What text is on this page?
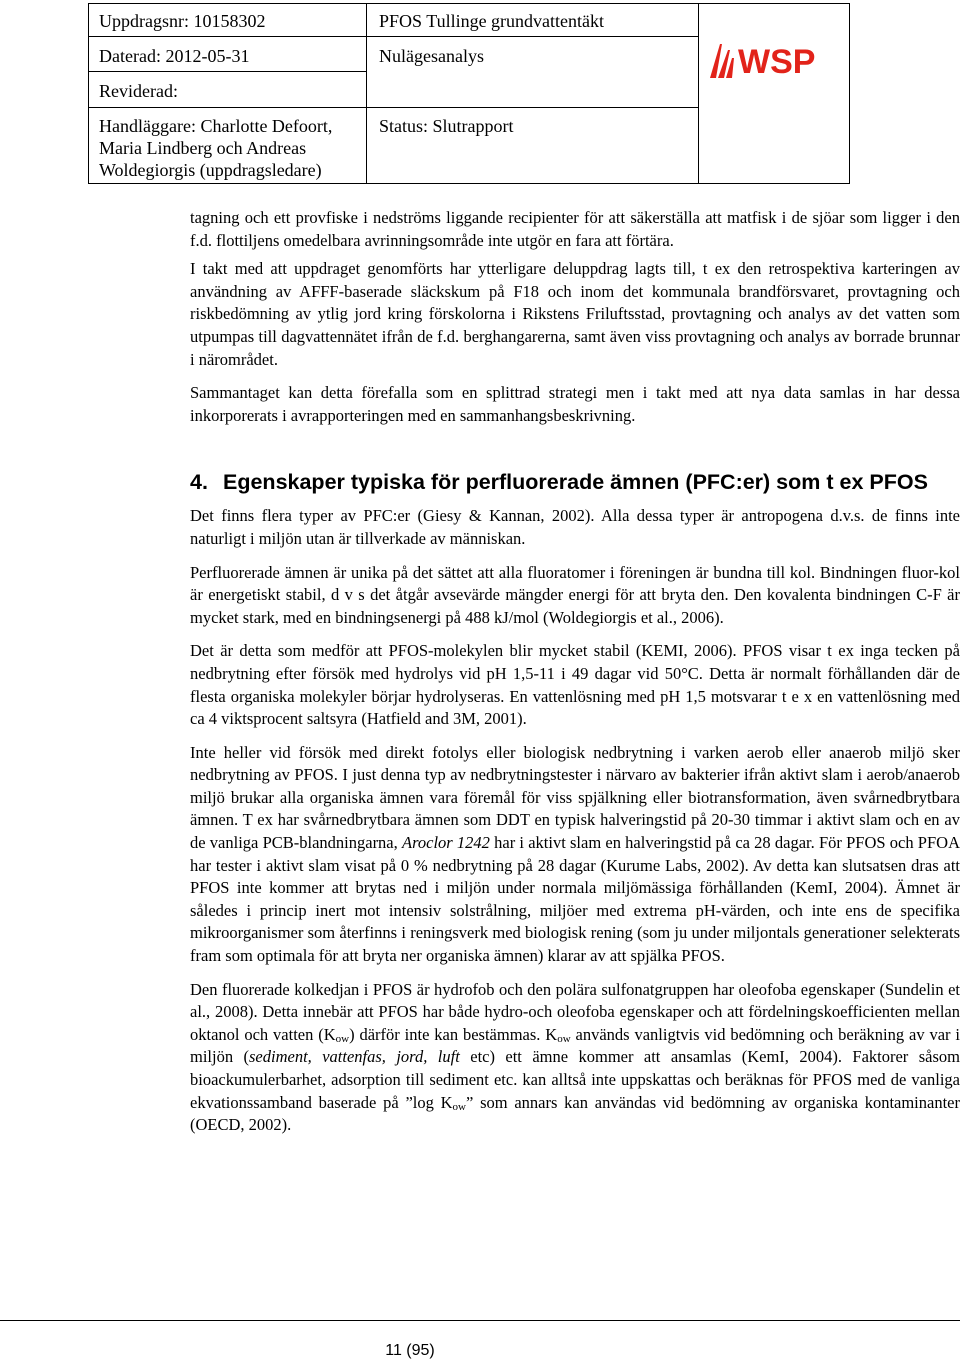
Uppdragsnr: 10158302
Daterad: 2012-05-31
Reviderad:
Handläggare: Charlotte Defoort, Maria Lindberg och Andreas Woldegiorgis (uppdragsledare)
PFOS Tullinge grundvattentäkt
Nulägesanalys
Status: Slutrapport
WSP

tagning och ett provfiske i nedströms liggande recipienter för att säkerställa att matfisk i de sjöar som ligger i den f.d. flottiljens omedelbara avrinningsområde inte utgör en fara att förtära.

I takt med att uppdraget genomförts har ytterligare deluppdrag lagts till, t ex den retrospektiva karteringen av användning av AFFF-baserade släckskum på F18 och inom det kommunala brandförsvaret, provtagning och riskbedömning av ytlig jord kring förskolorna i Rikstens Friluftsstad, provtagning och analys av det vatten som utpumpas till dagvattennätet ifrån de f.d. berghangarerna, samt även viss provtagning och analys av borrade brunnar i närområdet.

Sammantaget kan detta förefalla som en splittrad strategi men i takt med att nya data samlas in har dessa inkorporerats i avrapporteringen med en sammanhangsbeskrivning.

4. Egenskaper typiska för perfluorerade ämnen (PFC:er) som t ex PFOS

Det finns flera typer av PFC:er (Giesy & Kannan, 2002). Alla dessa typer är antropogena d.v.s. de finns inte naturligt i miljön utan är tillverkade av människan.

Perfluorerade ämnen är unika på det sättet att alla fluoratomer i föreningen är bundna till kol. Bindningen fluor-kol är energetiskt stabil, d v s det åtgår avsevärde mängder energi för att bryta den. Den kovalenta bindningen C-F är mycket stark, med en bindningsenergi på 488 kJ/mol (Woldegiorgis et al., 2006).

Det är detta som medför att PFOS-molekylen blir mycket stabil (KEMI, 2006). PFOS visar t ex inga tecken på nedbrytning efter försök med hydrolys vid pH 1,5-11 i 49 dagar vid 50°C. Detta är normalt förhållanden där de flesta organiska molekyler börjar hydrolyseras. En vattenlösning med pH 1,5 motsvarar t e x en vattenlösning med ca 4 viktsprocent saltsyra (Hatfield and 3M, 2001).

Inte heller vid försök med direkt fotolys eller biologisk nedbrytning i varken aerob eller anaerob miljö sker nedbrytning av PFOS. I just denna typ av nedbrytningstester i närvaro av bakterier ifrån aktivt slam i aerob/anaerob miljö brukar alla organiska ämnen vara föremål för viss spjälkning eller biotransformation, även svårnedbrytbara ämnen. T ex har svårnedbrytbara ämnen som DDT en typisk halveringstid på 20-30 timmar i aktivt slam och en av de vanliga PCB-blandningarna, Aroclor 1242 har i aktivt slam en halveringstid på ca 28 dagar. För PFOS och PFOA har tester i aktivt slam visat på 0 % nedbrytning på 28 dagar (Kurume Labs, 2002). Av detta kan slutsatsen dras att PFOS inte kommer att brytas ned i miljön under normala miljömässiga förhållanden (KemI, 2004). Ämnet är således i princip inert mot intensiv solstrålning, miljöer med extrema pH-värden, och inte ens de specifika mikroorganismer som återfinns i reningsverk med biologisk rening (som ju under miljontals generationer selekterats fram som optimala för att bryta ner organiska ämnen) klarar av att spjälka PFOS.

Den fluorerade kolkedjan i PFOS är hydrofob och den polära sulfonatgruppen har oleofoba egenskaper (Sundelin et al., 2008). Detta innebär att PFOS har både hydro-och oleofoba egenskaper och att fördelningskoefficienten mellan oktanol och vatten $(K_{ow})$ därför inte kan bestämmas. $K_{ow}$ används vanligtvis vid bedömning och beräkning av var i miljön (sediment, vattenfas, jord, luft etc) ett ämne kommer att ansamlas (KemI, 2004). Faktorer såsom bioackumulerbarhet, adsorption till sediment etc. kan alltså inte uppskattas och beräknas för PFOS med de vanliga ekvationssamband baserade på ”log $K_{ow}$” som annars kan användas vid bedömning av organiska kontaminanter (OECD, 2002).

11 (95)
